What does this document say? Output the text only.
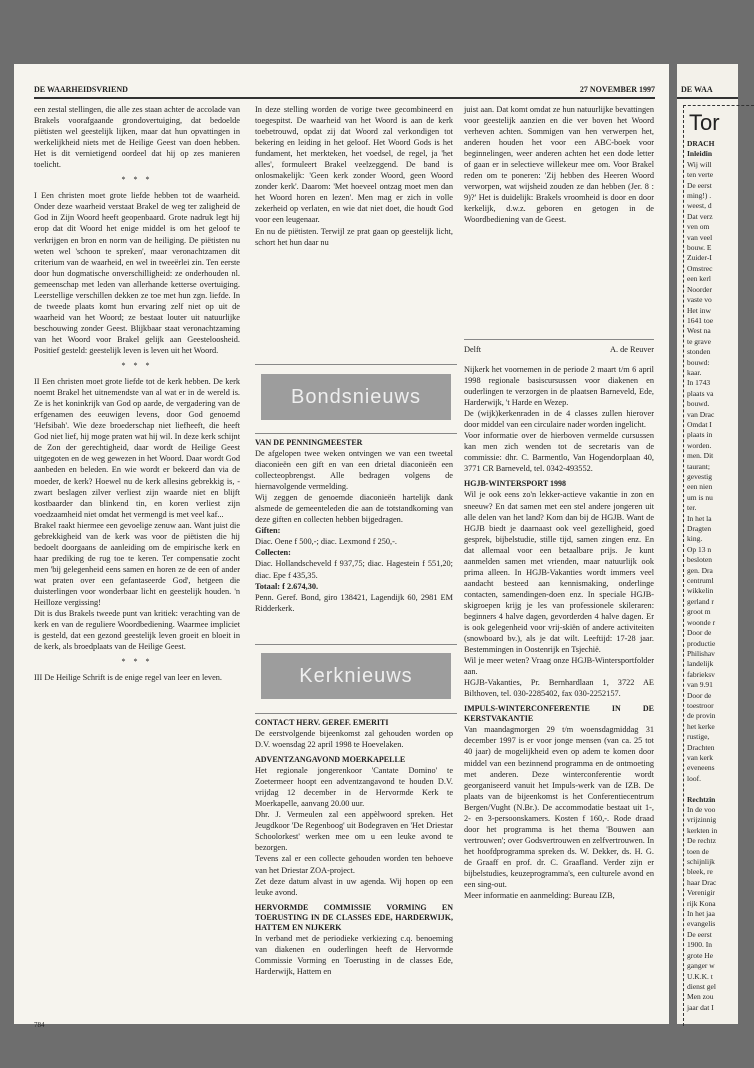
DE WAARHEIDSVRIEND	27 NOVEMBER 1997

een zestal stellingen, die alle zes staan achter de accolade van Brakels voorafgaande grondovertuiging, dat bedoelde piëtisten wel geestelijk lijken, maar dat hun opvattingen in werkelijkheid niets met de Heilige Geest van doen hebben. Het is dit vernietigend oordeel dat hij op zes manieren toelicht.

* * *

I Een christen moet grote liefde hebben tot de waarheid. Onder deze waarheid verstaat Brakel de weg ter zaligheid de God in Zijn Woord heeft geopenbaard. Grote nadruk legt hij erop dat dit Woord het enige middel is om het geloof te verkrijgen en bron en norm van de heiliging. De piëtisten nu weten wel 'schoon te spreken', maar veronachtzamen dit criterium van de waarheid, en wel in tweeërlei zin. Ten eerste door hun dogmatische onverschilligheid: ze onderhouden nl. gemeenschap met leden van allerhande ketterse overtuiging. Leerstellige verschillen dekken ze toe met hun zgn. liefde. In de tweede plaats komt hun ervaring zelf niet op uit de waarheid van het Woord; ze bestaat louter uit natuurlijke beschouwing zonder Geest. Blijkbaar staat veronachtzaming van het Woord voor Brakel gelijk aan Geesteloosheid. Positief gesteld: geestelijk leven is leven uit het Woord.

* * *

II Een christen moet grote liefde tot de kerk hebben. De kerk noemt Brakel het uitnemendste van al wat er in de wereld is. Ze is het koninkrijk van God op aarde, de vergadering van de erfgenamen des eeuwigen levens, door God genoemd 'Hefsibah'. Wie deze broederschap niet liefheeft, die heeft God niet lief, hij moge praten wat hij wil. In deze kerk schijnt de Zon der gerechtigheid, daar wordt de Heilige Geest uitgegoten en de weg gewezen in het Woord. Daar wordt God aanbeden en beleden. En wie wordt er bekeerd dan via de moeder, de kerk? Hoewel nu de kerk allesins gebrekkig is, - zwart beslagen zilver verliest zijn waarde niet en blijft kostbaarder dan blinkend tin, en koren verliest zijn voedzaamheid niet omdat het vermengd is met veel kaf...

Brakel raakt hiermee een gevoelige zenuw aan. Want juist die gebrekkigheid van de kerk was voor de piëtisten die hij bedoelt doorgaans de aanleiding om de empirische kerk en haar prediking de rug toe te keren. Ter compensatie zocht men 'bij gelegenheid eens samen en horen ze de een of ander wat praten over een gefantaseerde God', hetgeen die duisterlingen voor wonderbaar licht en geestelijk houden. 'n Heilloze vergissing!

Dit is dus Brakels tweede punt van kritiek: verachting van de kerk en van de reguliere Woordbediening. Waarmee impliciet is gesteld, dat een gezond geestelijk leven groeit en bloeit in de kerk, als broedplaats van de Heilige Geest.

* * *

III De Heilige Schrift is de enige regel van leer en leven.

In deze stelling worden de vorige twee gecombineerd en toegespitst. De waarheid van het Woord is aan de kerk toebetrouwd, opdat zij dat Woord zal verkondigen tot bekering en leiding in het geloof. Het Woord Gods is het fundament, het merkteken, het voedsel, de regel, ja 'het alles', formuleert Brakel veelzeggend. De band is onlosmakelijk: 'Geen kerk zonder Woord, geen Woord zonder kerk'. Daarom: 'Met hoeveel ontzag moet men dan het Woord horen en lezen'. Men mag er zich in volle zekerheid op verlaten, en wie dat niet doet, die houdt God voor een leugenaar.

En nu de piëtisten. Terwijl ze prat gaan op geestelijk licht, schort het hun daar nu

Bondsnieuws
VAN DE PENNINGMEESTER

De afgelopen twee weken ontvingen we van een tweetal diaconieën een gift en van een drietal diaconieën een collecteopbrengst. Alle bedragen volgens de hiernavolgende vermelding.

Wij zeggen de genoemde diaconieën hartelijk dank alsmede de gemeenteleden die aan de totstandkoming van deze giften en collecten hebben bijgedragen.

Giften:

Diac. Oene f 500,-; diac. Lexmond f 250,-.

Collecten:

Diac. Hollandscheveld f 937,75; diac. Hagestein f 551,20; diac. Epe f 435,35.

Totaal: f 2.674,30.

Penn. Geref. Bond, giro 138421, Lagendijk 60, 2981 EM Ridderkerk.

Kerknieuws
CONTACT HERV. GEREF. EMERITI

De eerstvolgende bijeenkomst zal gehouden worden op D.V. woensdag 22 april 1998 te Hoevelaken.

ADVENTZANGAVOND MOERKAPELLE

Het regionale jongerenkoor 'Cantate Domino' te Zoetermeer hoopt een adventzangavond te houden D.V. vrijdag 12 december in de Hervormde Kerk te Moerkapelle, aanvang 20.00 uur.

Dhr. J. Vermeulen zal een appèlwoord spreken. Het Jeugdkoor 'De Regenboog' uit Bodegraven en 'Het Driestar Schoolorkest' werken mee om u een leuke avond te bezorgen.

Tevens zal er een collecte gehouden worden ten behoeve van het Driestar ZOA-project.

Zet deze datum alvast in uw agenda. Wij hopen op een leuke avond.

HERVORMDE COMMISSIE VORMING EN TOERUSTING IN DE CLASSES EDE, HARDERWIJK, HATTEM EN NIJKERK

In verband met de periodieke verkiezing c.q. benoeming van diakenen en ouderlingen heeft de Hervormde Commissie Vorming en Toerusting in de classes Ede, Harderwijk, Hattem en

juist aan. Dat komt omdat ze hun natuurlijke bevattingen voor geestelijk aanzien en die ver boven het Woord verheven achten. Sommigen van hen verwerpen het, anderen houden het voor een ABC-boek voor beginnelingen, weer anderen achten het een dode letter of gaan er in selectieve willekeur mee om. Voor Brakel reden om te poneren: 'Zij hebben des Heeren Woord verworpen, wat wijsheid zouden ze dan hebben (Jer. 8 : 9)?' Het is duidelijk: Brakels vroomheid is door en door kerkelijk, d.w.z. geboren en getogen in de Woordbediening van de Geest.

Delft	A. de Reuver

Nijkerk het voornemen in de periode 2 maart t/m 6 april 1998 regionale basiscursussen voor diakenen en ouderlingen te verzorgen in de plaatsen Barneveld, Ede, Harderwijk, 't Harde en Wezep.

De (wijk)kerkenraden in de 4 classes zullen hierover door middel van een circulaire nader worden ingelicht.

Voor informatie over de hierboven vermelde cursussen kan men zich wenden tot de secretaris van de commissie: dhr. C. Barmentlo, Van Hogendorplaan 40, 3771 CR Barneveld, tel. 0342-493552.

HGJB-WINTERSPORT 1998

Wil je ook eens zo'n lekker-actieve vakantie in zon en sneeuw? En dat samen met een stel andere jongeren uit alle delen van het land? Kom dan bij de HGJB. Want de HGJB biedt je daarnaast ook veel gezelligheid, goed gesprek, bijbelstudie, stille tijd, samen zingen enz. En dat allemaal voor een betaalbare prijs. Je kunt aanmelden samen met vrienden, maar natuurlijk ook prima alleen. In HGJB-Vakanties wordt immers veel aandacht besteed aan kennismaking, onderlinge contacten, samendingen-doen enz. In speciale HGJB-skigroepen krijg je les van professionele skileraren: beginners 4 halve dagen, gevorderden 4 halve dagen. Er is ook gelegenheid voor vrij-skiën of andere activiteiten (snowboard bv.), als je dat wilt. Leeftijd: 17-28 jaar. Bestemmingen in Oostenrijk en Tsjechië.

Wil je meer weten? Vraag onze HGJB-Wintersportfolder aan.

HGJB-Vakanties, Pr. Bernhardlaan 1, 3722 AE Bilthoven, tel. 030-2285402, fax 030-2252157.

IMPULS-WINTERCONFERENTIE IN DE KERSTVAKANTIE

Van maandagmorgen 29 t/m woensdagmiddag 31 december 1997 is er voor jonge mensen (van ca. 25 tot 40 jaar) de mogelijkheid even op adem te komen door middel van een bezinnend programma en de ontmoeting met anderen. Deze winterconferentie wordt georganiseerd vanuit het Impuls-werk van de IZB. De plaats van de bijeenkomst is het Conferentiecentrum Bergen/Vught (N.Br.). De accommodatie bestaat uit 1-, 2- en 3-persoonskamers. Kosten f 160,-. Rode draad door het programma is het thema 'Bouwen aan vertrouwen'; over Godsvertrouwen en zelfvertrouwen. In het hoofdprogramma spreken ds. W. Dekker, ds. H. G. de Graaff en prof. dr. C. Graafland. Verder zijn er bijbelstudies, keuzeprogramma's, een culturele avond en een sing-out.

Meer informatie en aanmelding: Bureau IZB,

784
DE WAA
Tor
DRACH
Inleidin
Wij will
ten verte
De eerst
ming!) .
weest, d
Dat verz
ven om
van veel
bouw. E
Zuider-I
Omstrec
een kerl
Noorder
vaste vo
Het inw
1641 toe
West na
te grave
stonden
bouwd:
kaar.
In 1743
plaats va
bouwd.
van Drac
Omdat I
plaats in
worden.
men. Dit
taurant;
gevestig
een nien
um is nu
ter.
In het la
Dragten
king.
Op 13 n
besloten
gen. Dra
centruml
wikkelin
gerland r
groot m
woonde r
Door de
productie
Philishav
landelijk
fabrieksv
van 9.91
Door de
toestroor
de provin
het kerke
rustige,
Drachten
van kerk
eveneens
loof.

Rechtzin
In de voo
vrijzinnig
kerkten in
De rechtz
toen de
schijnlijk
bleek, re
haar Drac
Verenigir
rijk Kona
In het jaa
evangelis
De eerst
1900. In
grote He
ganger w
U.K.K. t
dienst gel
Men zou
jaar dat I
